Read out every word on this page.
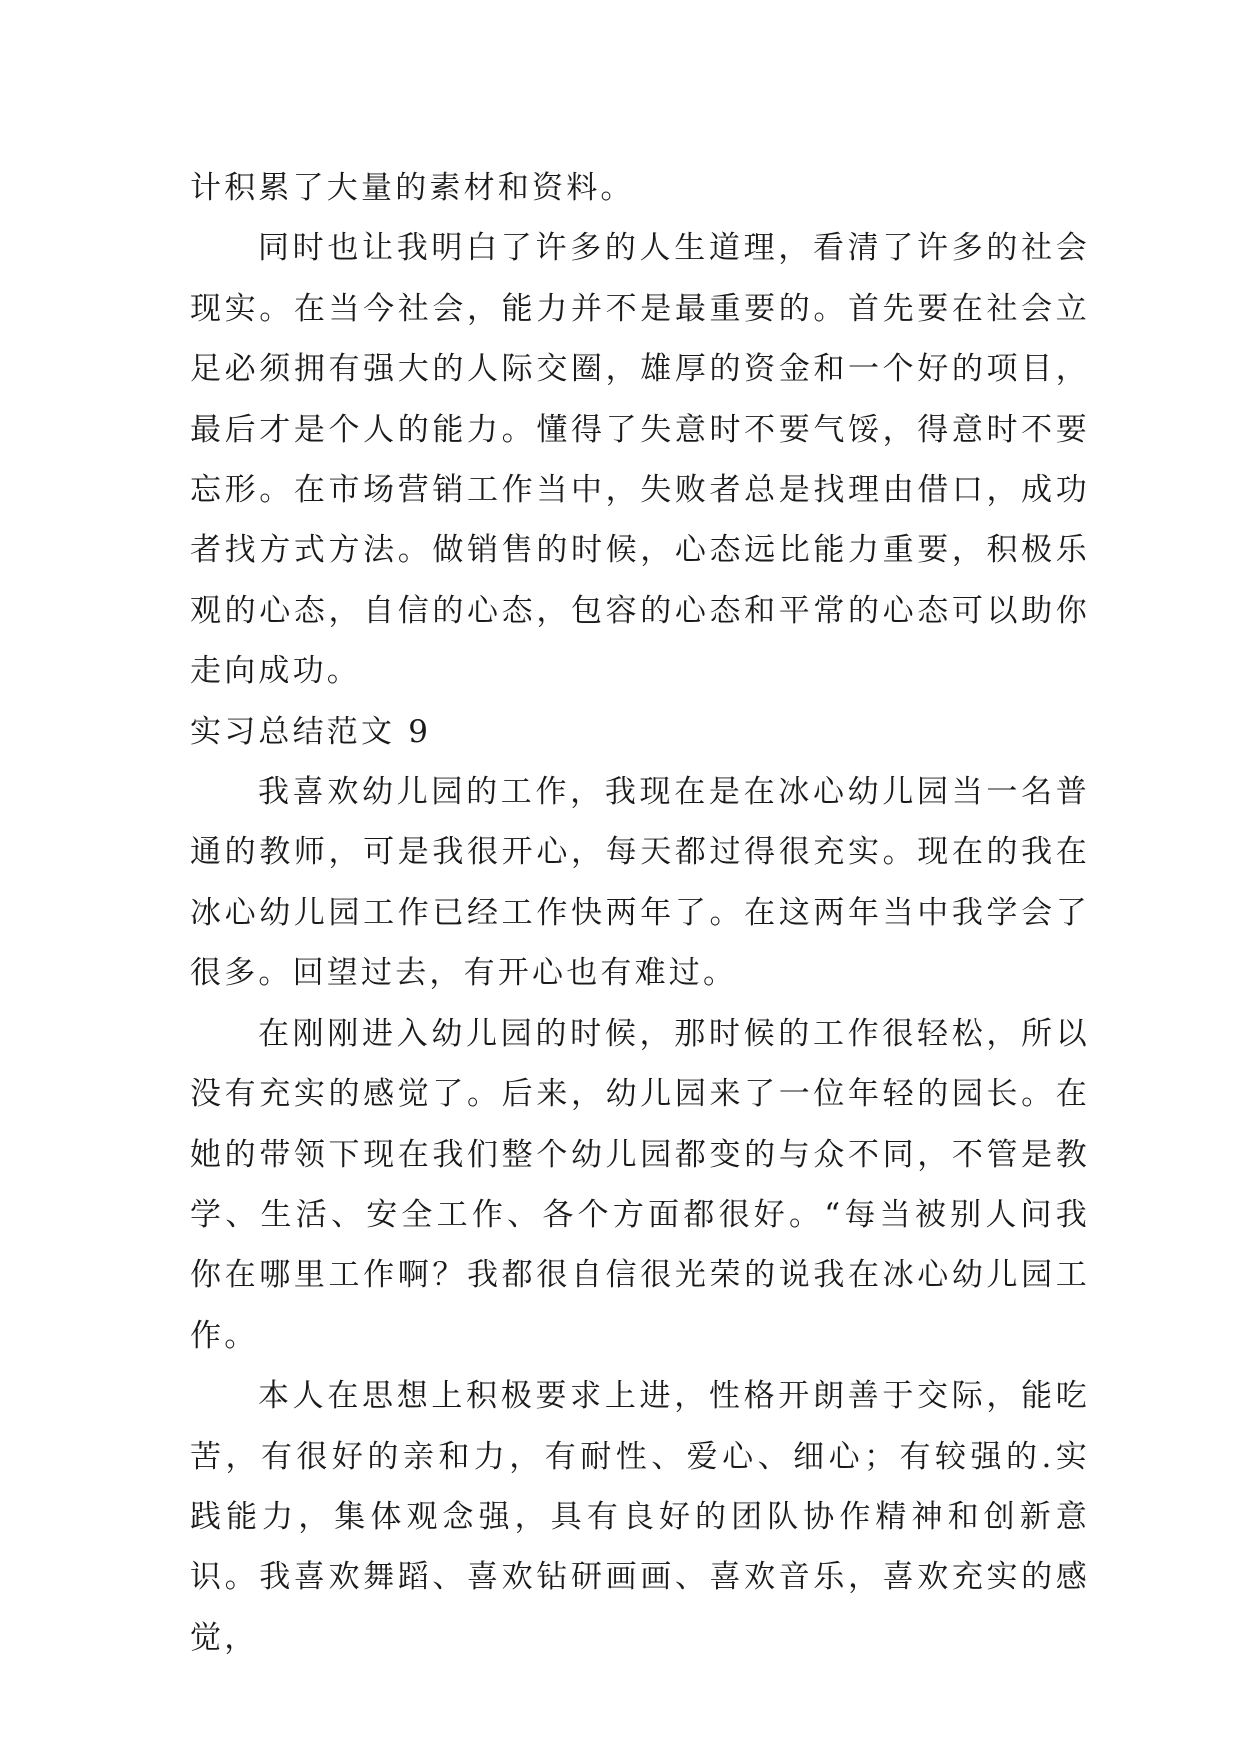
计积累了大量的素材和资料。

同时也让我明白了许多的人生道理，看清了许多的社会现实。在当今社会，能力并不是最重要的。首先要在社会立足必须拥有强大的人际交圈，雄厚的资金和一个好的项目，最后才是个人的能力。懂得了失意时不要气馁，得意时不要忘形。在市场营销工作当中，失败者总是找理由借口，成功者找方式方法。做销售的时候，心态远比能力重要，积极乐观的心态，自信的心态，包容的心态和平常的心态可以助你走向成功。

实习总结范文 9

我喜欢幼儿园的工作，我现在是在冰心幼儿园当一名普通的教师，可是我很开心，每天都过得很充实。现在的我在冰心幼儿园工作已经工作快两年了。在这两年当中我学会了很多。回望过去，有开心也有难过。

在刚刚进入幼儿园的时候，那时候的工作很轻松，所以没有充实的感觉了。后来，幼儿园来了一位年轻的园长。在她的带领下现在我们整个幼儿园都变的与众不同，不管是教学、生活、安全工作、各个方面都很好。“每当被别人问我你在哪里工作啊？我都很自信很光荣的说我在冰心幼儿园工作。

本人在思想上积极要求上进，性格开朗善于交际，能吃苦，有很好的亲和力，有耐性、爱心、细心；有较强的.实践能力，集体观念强，具有良好的团队协作精神和创新意识。我喜欢舞蹈、喜欢钻研画画、喜欢音乐，喜欢充实的感觉，
